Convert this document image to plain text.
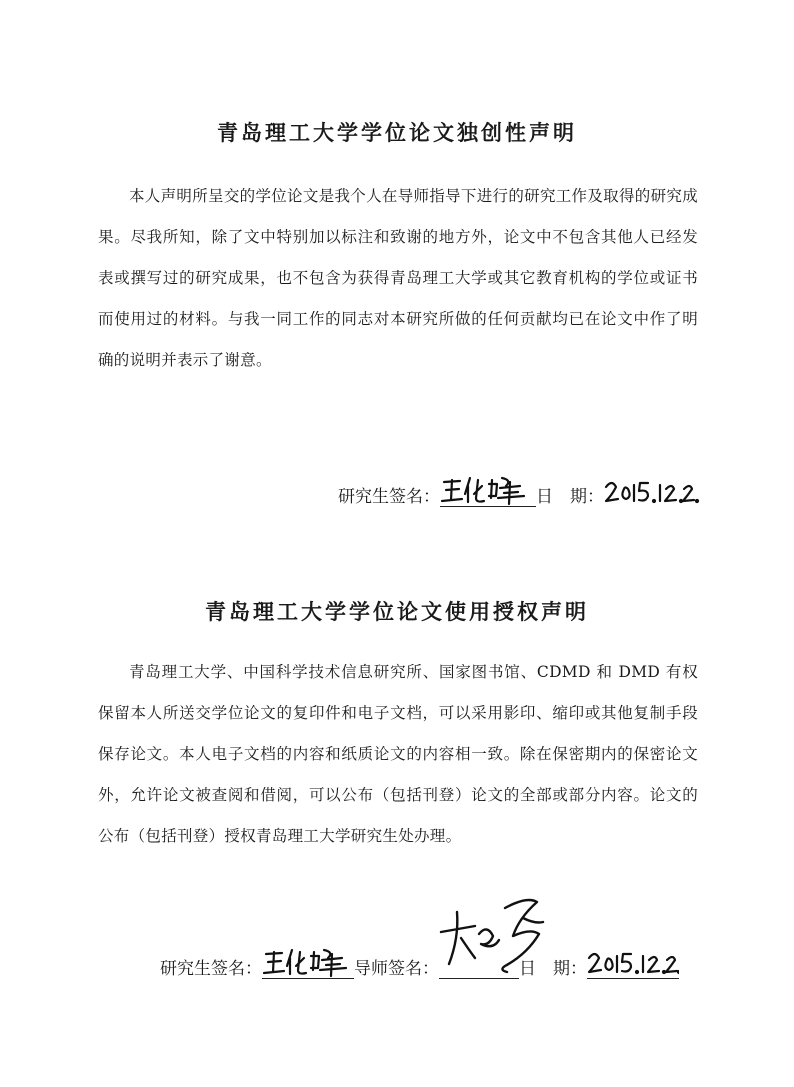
青岛理工大学学位论文独创性声明

本人声明所呈交的学位论文是我个人在导师指导下进行的研究工作及取得的研究成果。尽我所知，除了文中特别加以标注和致谢的地方外，论文中不包含其他人已经发表或撰写过的研究成果，也不包含为获得青岛理工大学或其它教育机构的学位或证书而使用过的材料。与我一同工作的同志对本研究所做的任何贡献均已在论文中作了明确的说明并表示了谢意。

研究生签名：	日　期：
青岛理工大学学位论文使用授权声明

青岛理工大学、中国科学技术信息研究所、国家图书馆、CDMD 和 DMD 有权保留本人所送交学位论文的复印件和电子文档，可以采用影印、缩印或其他复制手段保存论文。本人电子文档的内容和纸质论文的内容相一致。除在保密期内的保密论文外，允许论文被查阅和借阅，可以公布（包括刊登）论文的全部或部分内容。论文的公布（包括刊登）授权青岛理工大学研究生处办理。

研究生签名：	导师签名：	日　期：
